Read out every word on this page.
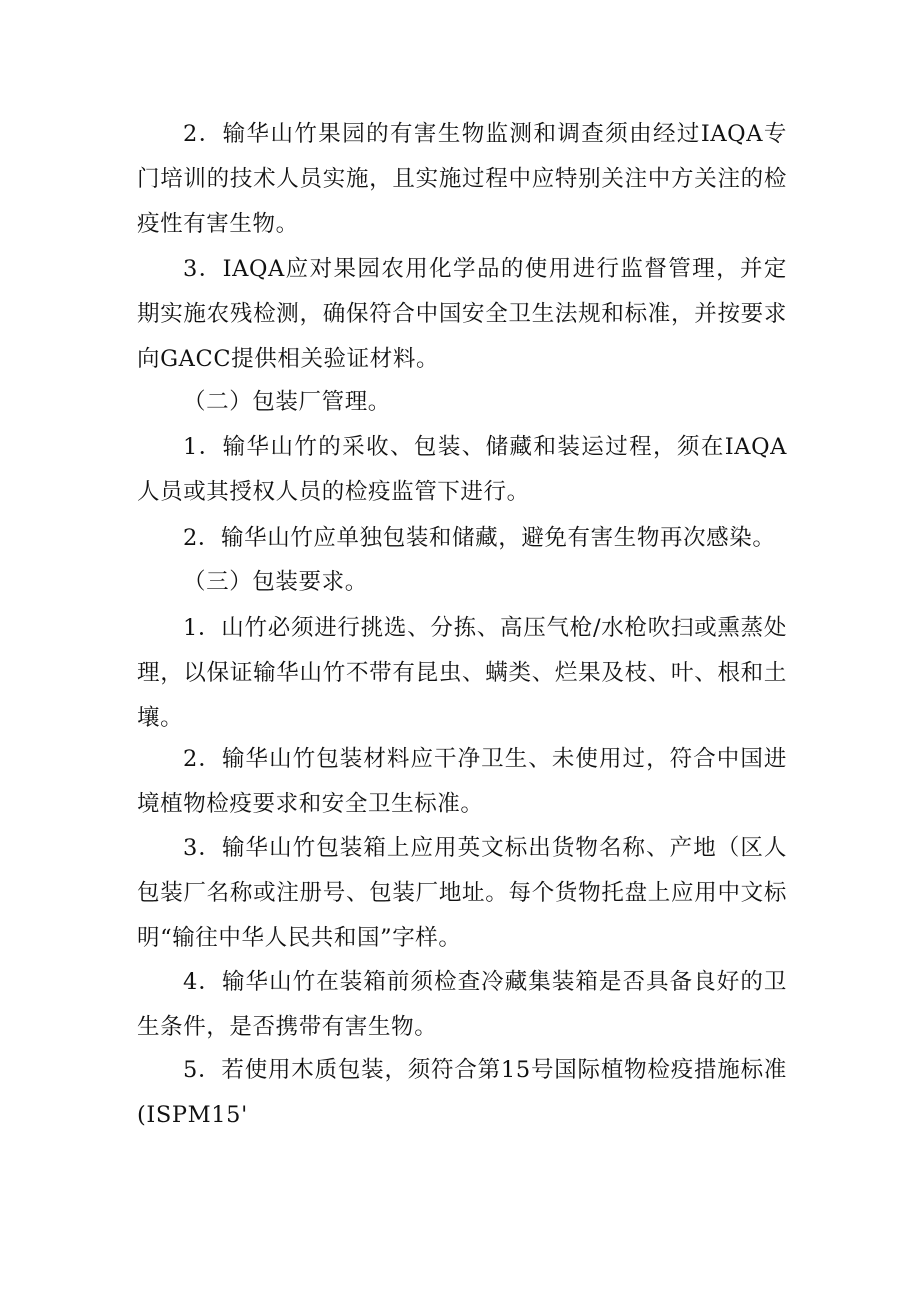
2．输华山竹果园的有害生物监测和调查须由经过IAQA专门培训的技术人员实施，且实施过程中应特别关注中方关注的检疫性有害生物。

3．IAQA应对果园农用化学品的使用进行监督管理，并定期实施农残检测，确保符合中国安全卫生法规和标准，并按要求向GACC提供相关验证材料。

（二）包装厂管理。

1．输华山竹的采收、包装、储藏和装运过程，须在IAQA人员或其授权人员的检疫监管下进行。

2．输华山竹应单独包装和储藏，避免有害生物再次感染。

（三）包装要求。

1．山竹必须进行挑选、分拣、高压气枪/水枪吹扫或熏蒸处理，以保证输华山竹不带有昆虫、螨类、烂果及枝、叶、根和土壤。

2．输华山竹包装材料应干净卫生、未使用过，符合中国进境植物检疫要求和安全卫生标准。

3．输华山竹包装箱上应用英文标出货物名称、产地（区人包装厂名称或注册号、包装厂地址。每个货物托盘上应用中文标明“输往中华人民共和国”字样。

4．输华山竹在装箱前须检查冷藏集装箱是否具备良好的卫生条件，是否携带有害生物。

5．若使用木质包装，须符合第15号国际植物检疫措施标准(ISPM15'
